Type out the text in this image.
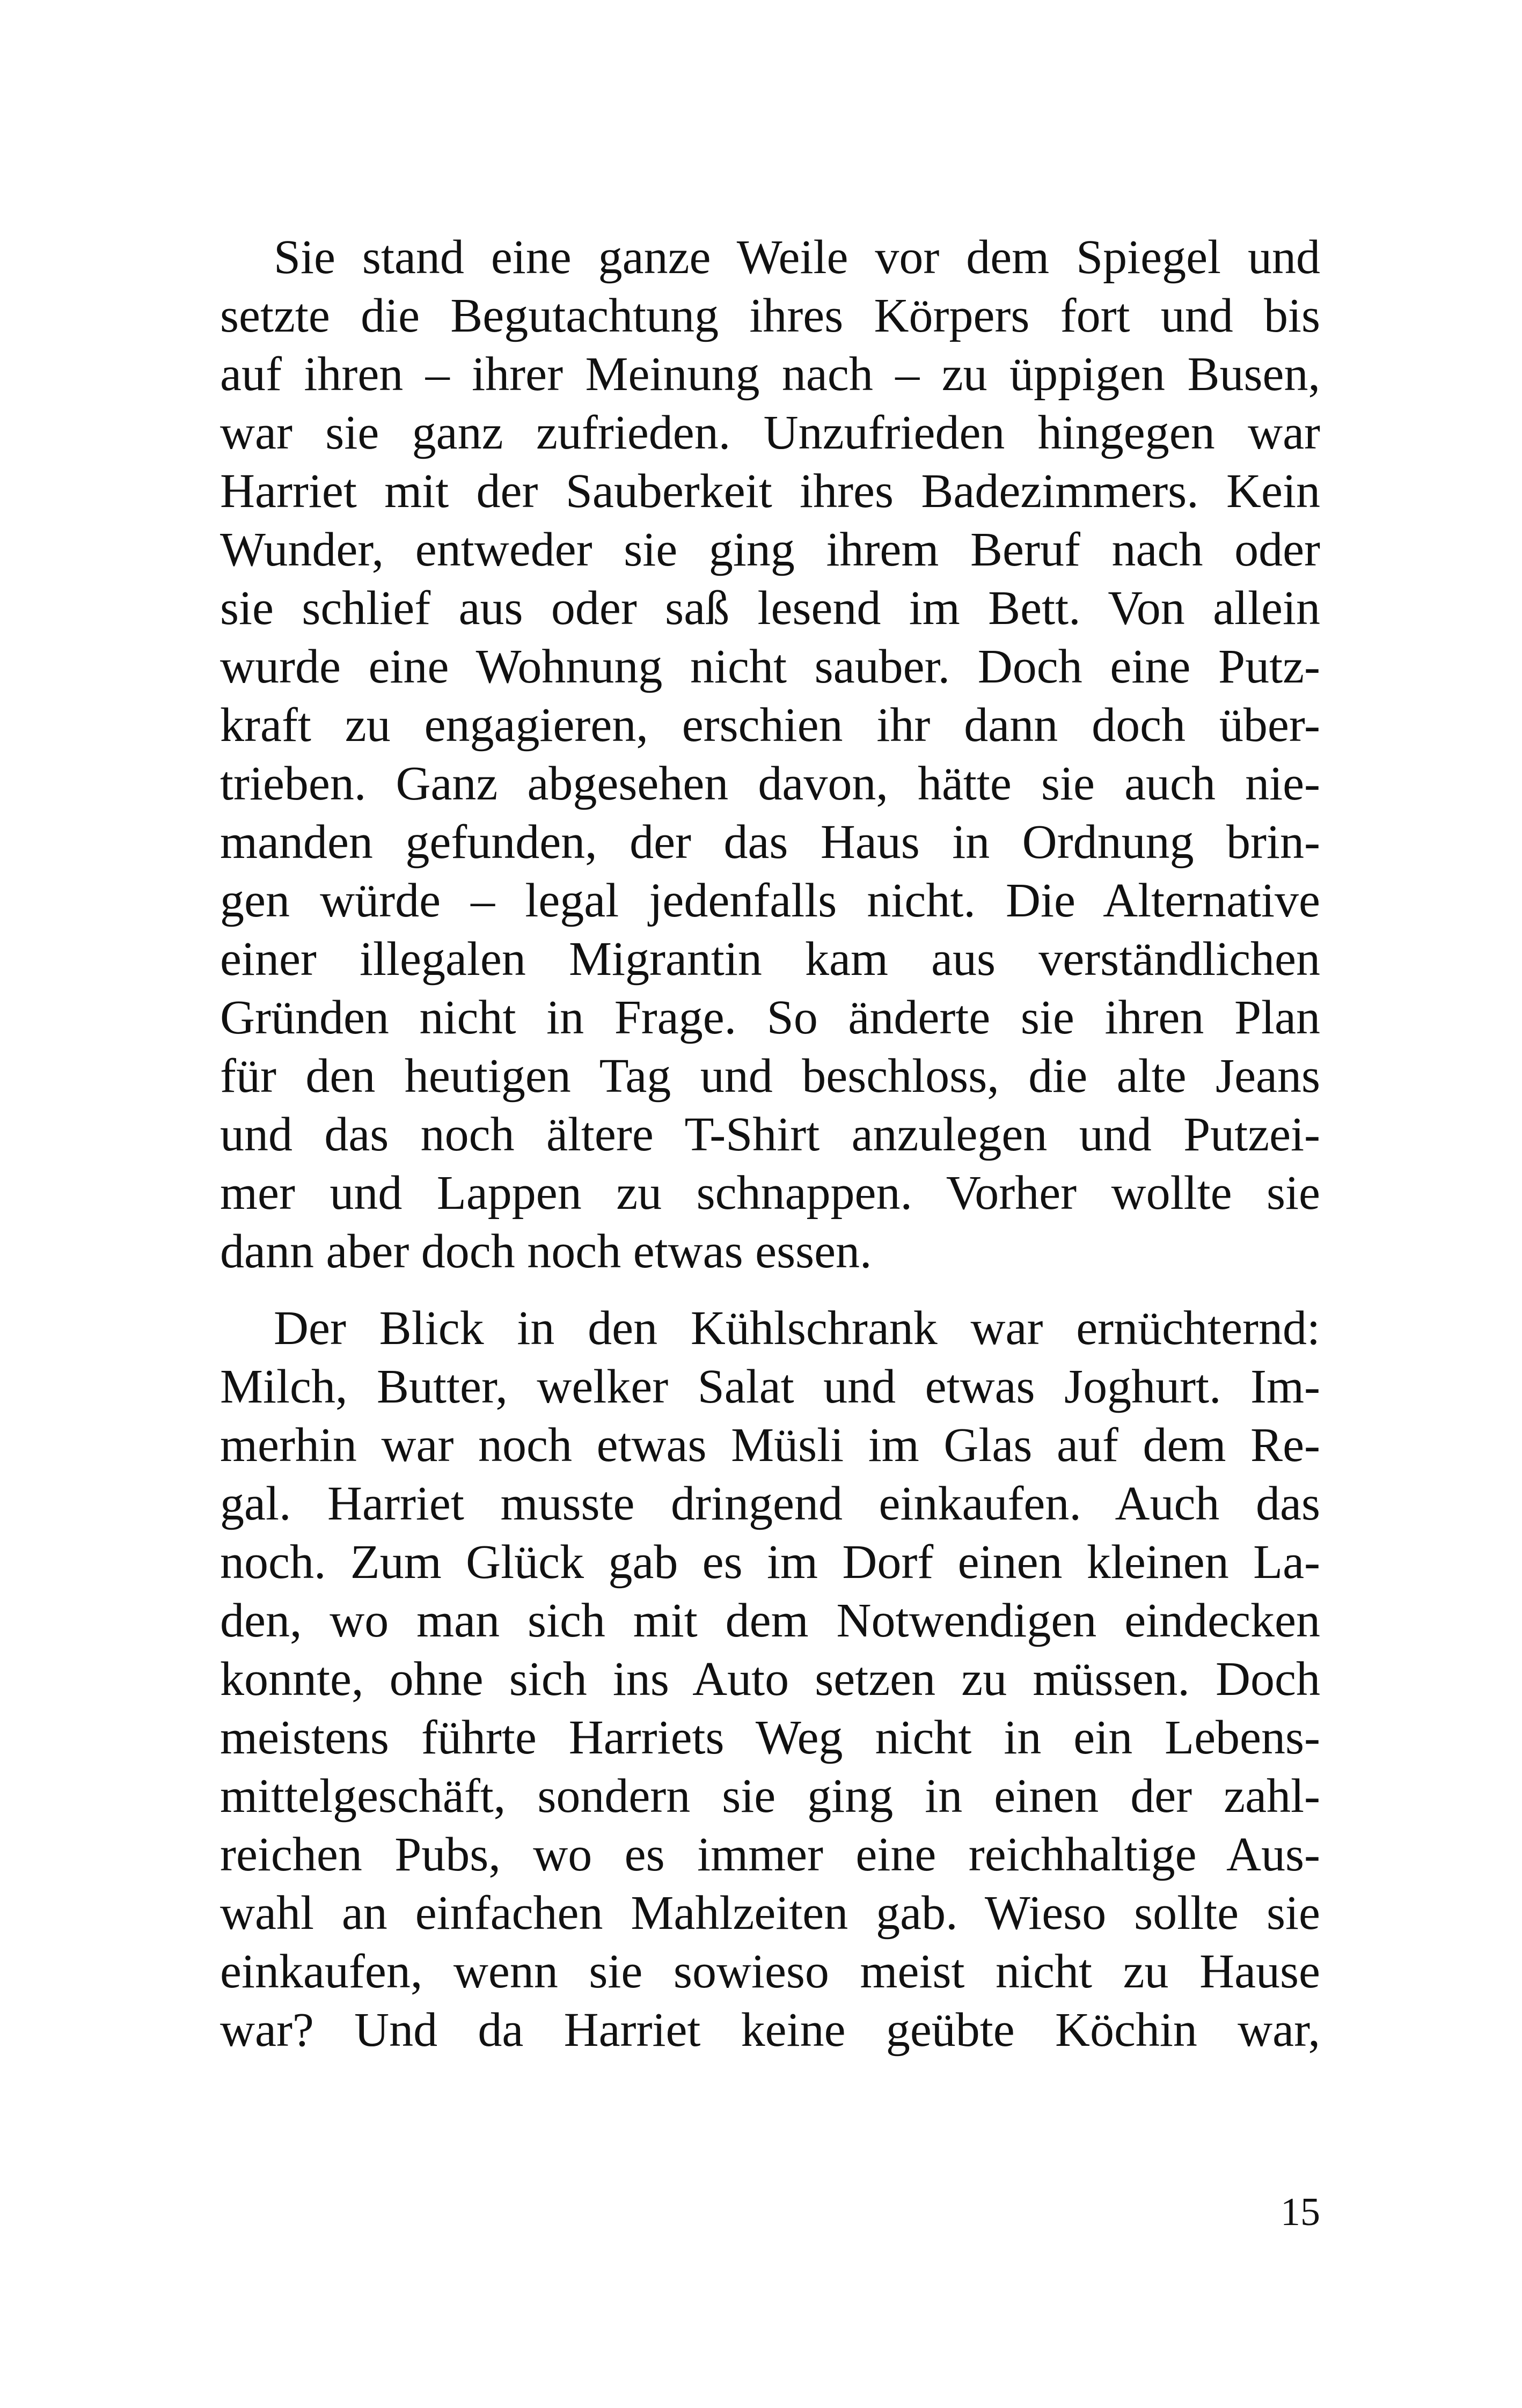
Sie stand eine ganze Weile vor dem Spiegel und
setzte die Begutachtung ihres Körpers fort und bis
auf ihren – ihrer Meinung nach – zu üppigen Busen,
war sie ganz zufrieden. Unzufrieden hingegen war
Harriet mit der Sauberkeit ihres Badezimmers. Kein
Wunder, entweder sie ging ihrem Beruf nach oder
sie schlief aus oder saß lesend im Bett. Von allein
wurde eine Wohnung nicht sauber. Doch eine Putz-
kraft zu engagieren, erschien ihr dann doch über-
trieben. Ganz abgesehen davon, hätte sie auch nie-
manden gefunden, der das Haus in Ordnung brin-
gen würde – legal jedenfalls nicht. Die Alternative
einer illegalen Migrantin kam aus verständlichen
Gründen nicht in Frage. So änderte sie ihren Plan
für den heutigen Tag und beschloss, die alte Jeans
und das noch ältere T-Shirt anzulegen und Putzei-
mer und Lappen zu schnappen. Vorher wollte sie
dann aber doch noch etwas essen.
Der Blick in den Kühlschrank war ernüchternd:
Milch, Butter, welker Salat und etwas Joghurt. Im-
merhin war noch etwas Müsli im Glas auf dem Re-
gal. Harriet musste dringend einkaufen. Auch das
noch. Zum Glück gab es im Dorf einen kleinen La-
den, wo man sich mit dem Notwendigen eindecken
konnte, ohne sich ins Auto setzen zu müssen. Doch
meistens führte Harriets Weg nicht in ein Lebens-
mittelgeschäft, sondern sie ging in einen der zahl-
reichen Pubs, wo es immer eine reichhaltige Aus-
wahl an einfachen Mahlzeiten gab. Wieso sollte sie
einkaufen, wenn sie sowieso meist nicht zu Hause
war? Und da Harriet keine geübte Köchin war,
15
